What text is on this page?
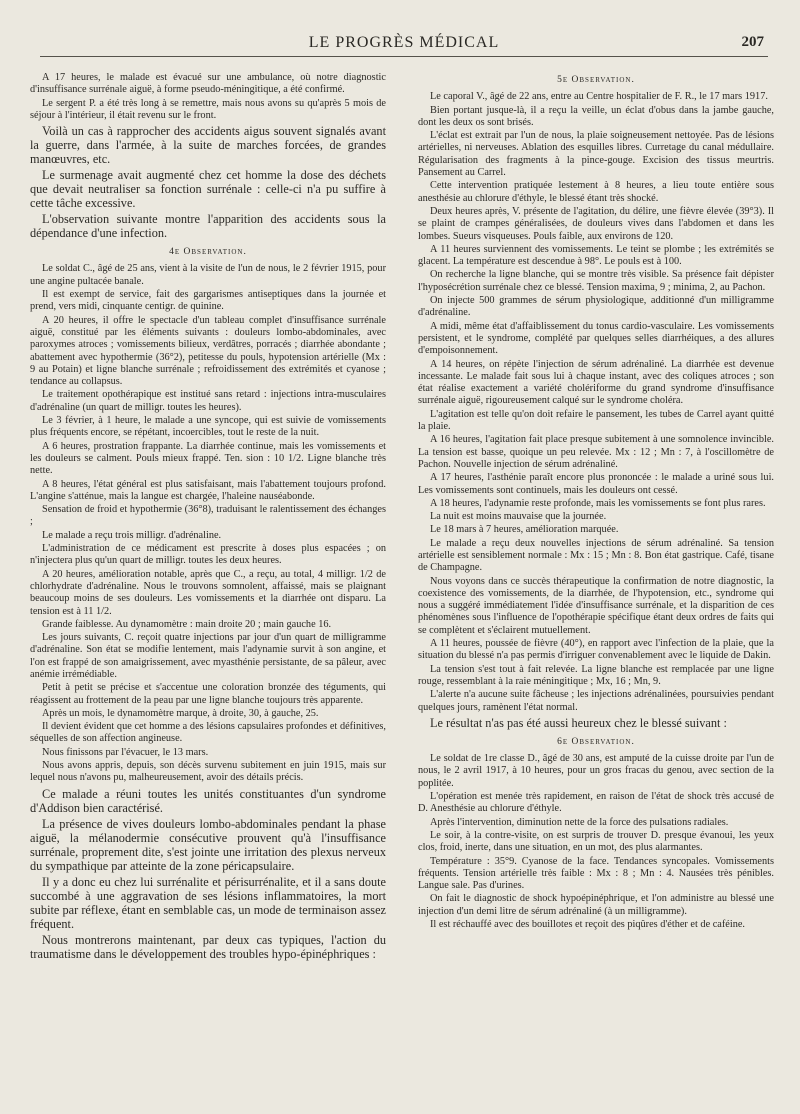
LE PROGRÈS MÉDICAL	207

A 17 heures, le malade est évacué sur une ambulance, où notre diagnostic d'insuffisance surrénale aiguë, à forme pseudo-méningitique, a été confirmé.

Le sergent P. a été très long à se remettre, mais nous avons su qu'après 5 mois de séjour à l'intérieur, il était revenu sur le front.

Voilà un cas à rapprocher des accidents aigus souvent signalés avant la guerre, dans l'armée, à la suite de marches forcées, de grandes manœuvres, etc.

Le surmenage avait augmenté chez cet homme la dose des déchets que devait neutraliser sa fonction surrénale : celle-ci n'a pu suffire à cette tâche excessive.

L'observation suivante montre l'apparition des accidents sous la dépendance d'une infection.

4e Observation.

Le soldat C., âgé de 25 ans, vient à la visite de l'un de nous, le 2 février 1915, pour une angine pultacée banale.

Il est exempt de service, fait des gargarismes antiseptiques dans la journée et prend, vers midi, cinquante centigr. de quinine.

A 20 heures, il offre le spectacle d'un tableau complet d'insuffisance surrénale aiguë, constitué par les éléments suivants : douleurs lombo-abdominales, avec paroxymes atroces ; vomissements bilieux, verdâtres, porracés ; diarrhée abondante ; abattement avec hypothermie (36°2), petitesse du pouls, hypotension artérielle (Mx : 9 au Potain) et ligne blanche surrénale ; refroidissement des extrémités et cyanose ; tendance au collapsus.

Le traitement opothérapique est institué sans retard : injections intra-musculaires d'adrénaline (un quart de milligr. toutes les heures).

Le 3 février, à 1 heure, le malade a une syncope, qui est suivie de vomissements plus fréquents encore, se répétant, incoercibles, tout le reste de la nuit.

A 6 heures, prostration frappante. La diarrhée continue, mais les vomissements et les douleurs se calment. Pouls mieux frappé. Ten. sion : 10 1/2. Ligne blanche très nette.

A 8 heures, l'état général est plus satisfaisant, mais l'abattement toujours profond. L'angine s'atténue, mais la langue est chargée, l'haleine nauséabonde.

Sensation de froid et hypothermie (36°8), traduisant le ralentissement des échanges ;

Le malade a reçu trois milligr. d'adrénaline.

L'administration de ce médicament est prescrite à doses plus espacées ; on n'injectera plus qu'un quart de milligr. toutes les deux heures.

A 20 heures, amélioration notable, après que C., a reçu, au total, 4 milligr. 1/2 de chlorhydrate d'adrénaline. Nous le trouvons somnolent, affaissé, mais se plaignant beaucoup moins de ses douleurs. Les vomissements et la diarrhée ont disparu. La tension est à 11 1/2.

Grande faiblesse. Au dynamomètre : main droite 20 ; main gauche 16.

Les jours suivants, C. reçoit quatre injections par jour d'un quart de milligramme d'adrénaline. Son état se modifie lentement, mais l'adynamie survit à son angine, et l'on est frappé de son amaigrissement, avec myasthénie persistante, de sa pâleur, avec anémie irrémédiable.

Petit à petit se précise et s'accentue une coloration bronzée des téguments, qui réagissent au frottement de la peau par une ligne blanche toujours très apparente.

Après un mois, le dynamomètre marque, à droite, 30, à gauche, 25.

Il devient évident que cet homme a des lésions capsulaires profondes et définitives, séquelles de son affection angineuse.

Nous finissons par l'évacuer, le 13 mars.

Nous avons appris, depuis, son décès survenu subitement en juin 1915, mais sur lequel nous n'avons pu, malheureusement, avoir des détails précis.

Ce malade a réuni toutes les unités constituantes d'un syndrome d'Addison bien caractérisé.

La présence de vives douleurs lombo-abdominales pendant la phase aiguë, la mélanodermie consécutive prouvent qu'à l'insuffisance surrénale, proprement dite, s'est jointe une irritation des plexus nerveux du sympathique par atteinte de la zone péricapsulaire.

Il y a donc eu chez lui surrénalite et périsurrénalite, et il a sans doute succombé à une aggravation de ses lésions inflammatoires, la mort subite par réflexe, étant en semblable cas, un mode de terminaison assez fréquent.

Nous montrerons maintenant, par deux cas typiques, l'action du traumatisme dans le développement des troubles hypo-épinéphriques :

5e Observation.

Le caporal V., âgé de 22 ans, entre au Centre hospitalier de F. R., le 17 mars 1917.

Bien portant jusque-là, il a reçu la veille, un éclat d'obus dans la jambe gauche, dont les deux os sont brisés.

L'éclat est extrait par l'un de nous, la plaie soigneusement nettoyée. Pas de lésions artérielles, ni nerveuses. Ablation des esquilles libres. Curretage du canal médullaire. Régularisation des fragments à la pince-gouge. Excision des tissus meurtris. Pansement au Carrel.

Cette intervention pratiquée lestement à 8 heures, a lieu toute entière sous anesthésie au chlorure d'éthyle, le blessé étant très shocké.

Deux heures après, V. présente de l'agitation, du délire, une fièvre élevée (39°3). Il se plaint de crampes généralisées, de douleurs vives dans l'abdomen et dans les lombes. Sueurs visqueuses. Pouls faible, aux environs de 120.

A 11 heures surviennent des vomissements. Le teint se plombe ; les extrémités se glacent. La température est descendue à 98°. Le pouls est à 100.

On recherche la ligne blanche, qui se montre très visible. Sa présence fait dépister l'hyposécrétion surrénale chez ce blessé. Tension maxima, 9 ; minima, 2, au Pachon.

On injecte 500 grammes de sérum physiologique, additionné d'un milligramme d'adrénaline.

A midi, même état d'affaiblissement du tonus cardio-vasculaire. Les vomissements persistent, et le syndrome, complété par quelques selles diarrhéiques, a des allures d'empoisonnement.

A 14 heures, on répète l'injection de sérum adrénaliné. La diarrhée est devenue incessante. Le malade fait sous lui à chaque instant, avec des coliques atroces ; son état réalise exactement a variété cholériforme du grand syndrome d'insuffisance surrénale aiguë, rigoureusement calqué sur le syndrome choléra.

L'agitation est telle qu'on doit refaire le pansement, les tubes de Carrel ayant quitté la plaie.

A 16 heures, l'agitation fait place presque subitement à une somnolence invincible. La tension est basse, quoique un peu relevée. Mx : 12 ; Mn : 7, à l'oscillomètre de Pachon. Nouvelle injection de sérum adrénaliné.

A 17 heures, l'asthénie paraît encore plus prononcée : le malade a uriné sous lui. Les vomissements sont continuels, mais les douleurs ont cessé.

A 18 heures, l'adynamie reste profonde, mais les vomissements se font plus rares.

La nuit est moins mauvaise que la journée.

Le 18 mars à 7 heures, amélioration marquée.

Le malade a reçu deux nouvelles injections de sérum adrénaliné. Sa tension artérielle est sensiblement normale : Mx : 15 ; Mn : 8. Bon état gastrique. Café, tisane de Champagne.

Nous voyons dans ce succès thérapeutique la confirmation de notre diagnostic, la coexistence des vomissements, de la diarrhée, de l'hypotension, etc., syndrome qui nous a suggéré immédiatement l'idée d'insuffisance surrénale, et la disparition de ces phénomènes sous l'influence de l'opothérapie spécifique étant deux ordres de faits qui se complètent et s'éclairent mutuellement.

A 11 heures, poussée de fièvre (40°), en rapport avec l'infection de la plaie, que la situation du blessé n'a pas permis d'irriguer convenablement avec le liquide de Dakin.

La tension s'est tout à fait relevée. La ligne blanche est remplacée par une ligne rouge, ressemblant à la raie méningitique ; Mx, 16 ; Mn, 9.

L'alerte n'a aucune suite fâcheuse ; les injections adrénalinées, poursuivies pendant quelques jours, ramènent l'état normal.

Le résultat n'as pas été aussi heureux chez le blessé suivant :

6e Observation.

Le soldat de 1re classe D., âgé de 30 ans, est amputé de la cuisse droite par l'un de nous, le 2 avril 1917, à 10 heures, pour un gros fracas du genou, avec section de la poplitée.

L'opération est menée très rapidement, en raison de l'état de shock très accusé de D. Anesthésie au chlorure d'éthyle.

Après l'intervention, diminution nette de la force des pulsations radiales.

Le soir, à la contre-visite, on est surpris de trouver D. presque évanoui, les yeux clos, froid, inerte, dans une situation, en un mot, des plus alarmantes.

Température : 35°9. Cyanose de la face. Tendances syncopales. Vomissements fréquents. Tension artérielle très faible : Mx : 8 ; Mn : 4. Nausées très pénibles. Langue sale. Pas d'urines.

On fait le diagnostic de shock hypoépinéphrique, et l'on administre au blessé une injection d'un demi litre de sérum adrénaliné (à un milligramme).

Il est réchauffé avec des bouillotes et reçoit des piqûres d'éther et de caféine.
